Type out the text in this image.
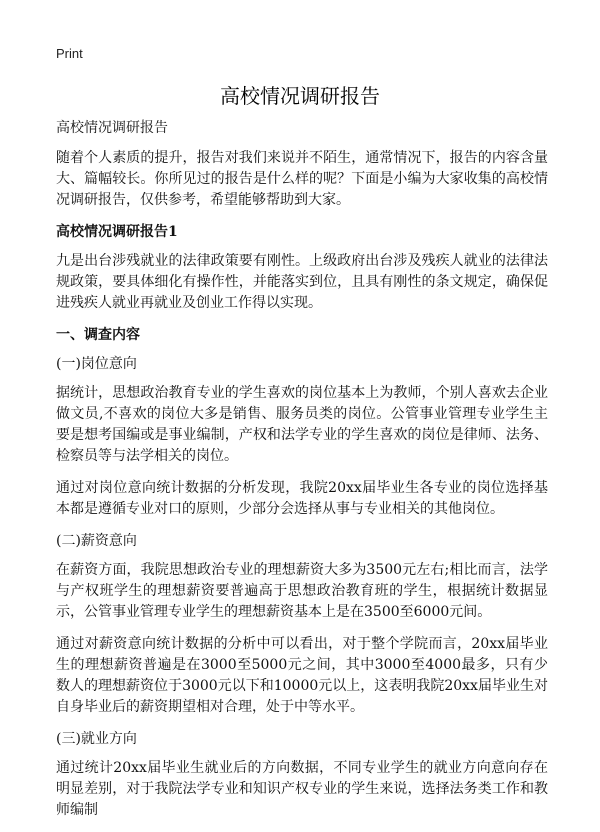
Print
高校情况调研报告

高校情况调研报告

随着个人素质的提升，报告对我们来说并不陌生，通常情况下，报告的内容含量大、篇幅较长。你所见过的报告是什么样的呢？下面是小编为大家收集的高校情况调研报告，仅供参考，希望能够帮助到大家。

高校情况调研报告1

九是出台涉残就业的法律政策要有刚性。上级政府出台涉及残疾人就业的法律法规政策，要具体细化有操作性，并能落实到位，且具有刚性的条文规定，确保促进残疾人就业再就业及创业工作得以实现。

一、调查内容

(一)岗位意向

据统计，思想政治教育专业的学生喜欢的岗位基本上为教师，个别人喜欢去企业做文员,不喜欢的岗位大多是销售、服务员类的岗位。公管事业管理专业学生主要是想考国编或是事业编制，产权和法学专业的学生喜欢的岗位是律师、法务、检察员等与法学相关的岗位。

通过对岗位意向统计数据的分析发现，我院20xx届毕业生各专业的岗位选择基本都是遵循专业对口的原则，少部分会选择从事与专业相关的其他岗位。

(二)薪资意向

在薪资方面，我院思想政治专业的理想薪资大多为3500元左右;相比而言，法学与产权班学生的理想薪资要普遍高于思想政治教育班的学生，根据统计数据显示，公管事业管理专业学生的理想薪资基本上是在3500至6000元间。

通过对薪资意向统计数据的分析中可以看出，对于整个学院而言，20xx届毕业生的理想薪资普遍是在3000至5000元之间，其中3000至4000最多，只有少数人的理想薪资位于3000元以下和10000元以上，这表明我院20xx届毕业生对自身毕业后的薪资期望相对合理，处于中等水平。

(三)就业方向

通过统计20xx届毕业生就业后的方向数据，不同专业学生的就业方向意向存在明显差别，对于我院法学专业和知识产权专业的学生来说，选择法务类工作和教师编制
